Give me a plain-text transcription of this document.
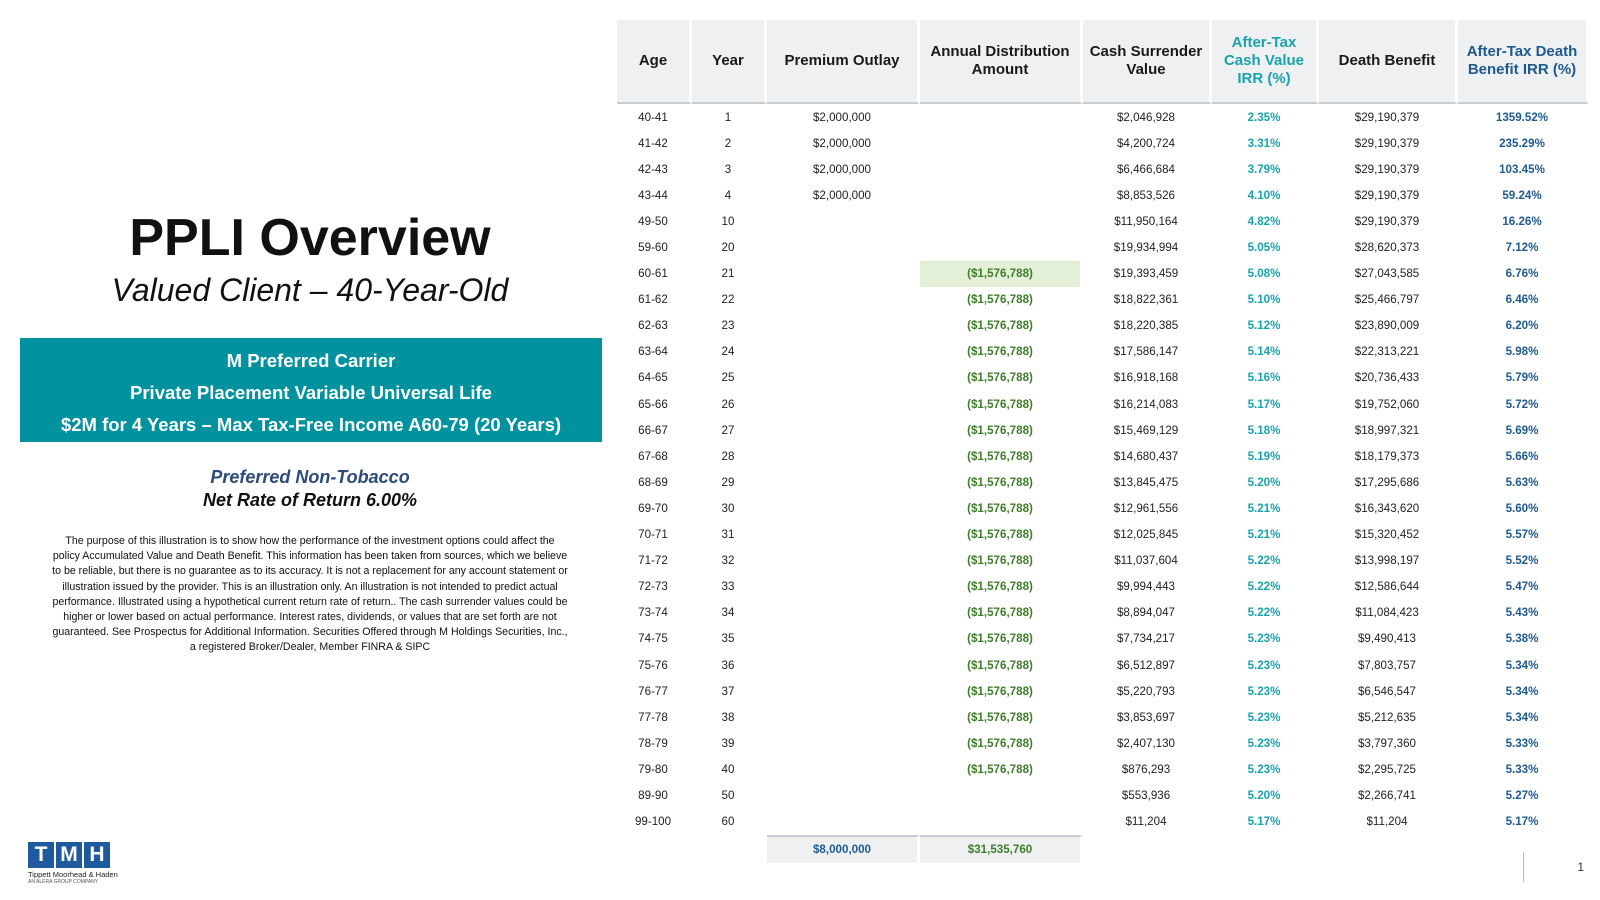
PPLI Overview
Valued Client – 40-Year-Old
M Preferred Carrier
Private Placement Variable Universal Life
$2M for 4 Years – Max Tax-Free Income A60-79 (20 Years)
Preferred Non-Tobacco
Net Rate of Return 6.00%
The purpose of this illustration is to show how the performance of the investment options could affect the policy Accumulated Value and Death Benefit. This information has been taken from sources, which we believe to be reliable, but there is no guarantee as to its accuracy. It is not a replacement for any account statement or illustration issued by the provider. This is an illustration only. An illustration is not intended to predict actual performance. Illustrated using a hypothetical current return rate of return.. The cash surrender values could be higher or lower based on actual performance. Interest rates, dividends, or values that are set forth are not guaranteed. See Prospectus for Additional Information. Securities Offered through M Holdings Securities, Inc., a registered Broker/Dealer, Member FINRA & SIPC
T M H
Tippett Moorhead & Haden
AN ALERA GROUP COMPANY
Age	Year	Premium Outlay	Annual Distribution Amount	Cash Surrender Value	After-Tax Cash Value IRR (%)	Death Benefit	After-Tax Death Benefit IRR (%)
40-41	1	$2,000,000		$2,046,928	2.35%	$29,190,379	1359.52%
41-42	2	$2,000,000		$4,200,724	3.31%	$29,190,379	235.29%
42-43	3	$2,000,000		$6,466,684	3.79%	$29,190,379	103.45%
43-44	4	$2,000,000		$8,853,526	4.10%	$29,190,379	59.24%
49-50	10			$11,950,164	4.82%	$29,190,379	16.26%
59-60	20			$19,934,994	5.05%	$28,620,373	7.12%
60-61	21		($1,576,788)	$19,393,459	5.08%	$27,043,585	6.76%
61-62	22		($1,576,788)	$18,822,361	5.10%	$25,466,797	6.46%
62-63	23		($1,576,788)	$18,220,385	5.12%	$23,890,009	6.20%
63-64	24		($1,576,788)	$17,586,147	5.14%	$22,313,221	5.98%
64-65	25		($1,576,788)	$16,918,168	5.16%	$20,736,433	5.79%
65-66	26		($1,576,788)	$16,214,083	5.17%	$19,752,060	5.72%
66-67	27		($1,576,788)	$15,469,129	5.18%	$18,997,321	5.69%
67-68	28		($1,576,788)	$14,680,437	5.19%	$18,179,373	5.66%
68-69	29		($1,576,788)	$13,845,475	5.20%	$17,295,686	5.63%
69-70	30		($1,576,788)	$12,961,556	5.21%	$16,343,620	5.60%
70-71	31		($1,576,788)	$12,025,845	5.21%	$15,320,452	5.57%
71-72	32		($1,576,788)	$11,037,604	5.22%	$13,998,197	5.52%
72-73	33		($1,576,788)	$9,994,443	5.22%	$12,586,644	5.47%
73-74	34		($1,576,788)	$8,894,047	5.22%	$11,084,423	5.43%
74-75	35		($1,576,788)	$7,734,217	5.23%	$9,490,413	5.38%
75-76	36		($1,576,788)	$6,512,897	5.23%	$7,803,757	5.34%
76-77	37		($1,576,788)	$5,220,793	5.23%	$6,546,547	5.34%
77-78	38		($1,576,788)	$3,853,697	5.23%	$5,212,635	5.34%
78-79	39		($1,576,788)	$2,407,130	5.23%	$3,797,360	5.33%
79-80	40		($1,576,788)	$876,293	5.23%	$2,295,725	5.33%
89-90	50			$553,936	5.20%	$2,266,741	5.27%
99-100	60			$11,204	5.17%	$11,204	5.17%
		$8,000,000	$31,535,760				
1
